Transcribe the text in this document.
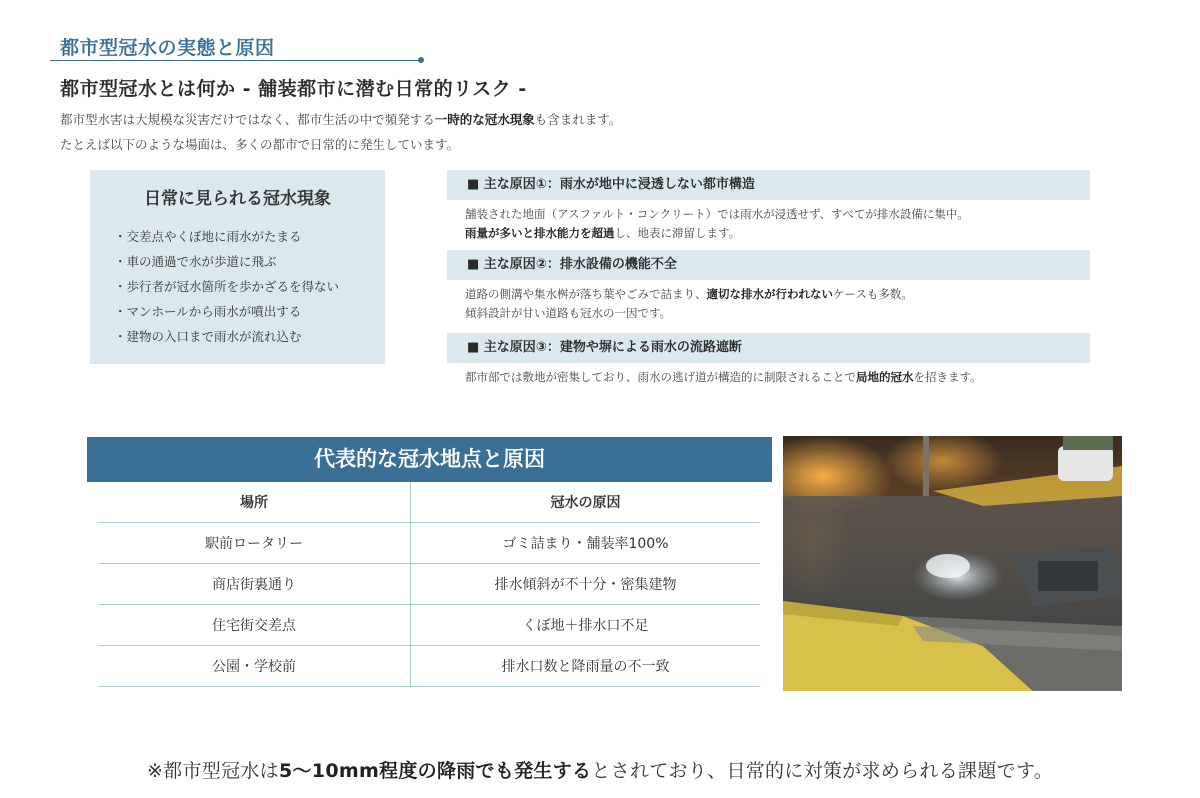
都市型冠水の実態と原因
都市型冠水とは何か - 舗装都市に潜む日常的リスク -
都市型水害は大規模な災害だけではなく、都市生活の中で頻発する一時的な冠水現象も含まれます。
たとえば以下のような場面は、多くの都市で日常的に発生しています。
日常に見られる冠水現象
・交差点やくぼ地に雨水がたまる
・車の通過で水が歩道に飛ぶ
・歩行者が冠水箇所を歩かざるを得ない
・マンホールから雨水が噴出する
・建物の入口まで雨水が流れ込む
■ 主な原因①：雨水が地中に浸透しない都市構造
舗装された地面（アスファルト・コンクリート）では雨水が浸透せず、すべてが排水設備に集中。
雨量が多いと排水能力を超過し、地表に滞留します。
■ 主な原因②：排水設備の機能不全
道路の側溝や集水桝が落ち葉やごみで詰まり、適切な排水が行われないケースも多数。
傾斜設計が甘い道路も冠水の一因です。
■ 主な原因③：建物や塀による雨水の流路遮断
都市部では敷地が密集しており、雨水の逃げ道が構造的に制限されることで局地的冠水を招きます。
代表的な冠水地点と原因
場所	冠水の原因
駅前ロータリー	ゴミ詰まり・舗装率100%
商店街裏通り	排水傾斜が不十分・密集建物
住宅街交差点	くぼ地＋排水口不足
公園・学校前	排水口数と降雨量の不一致
※都市型冠水は5〜10mm程度の降雨でも発生するとされており、日常的に対策が求められる課題です。
